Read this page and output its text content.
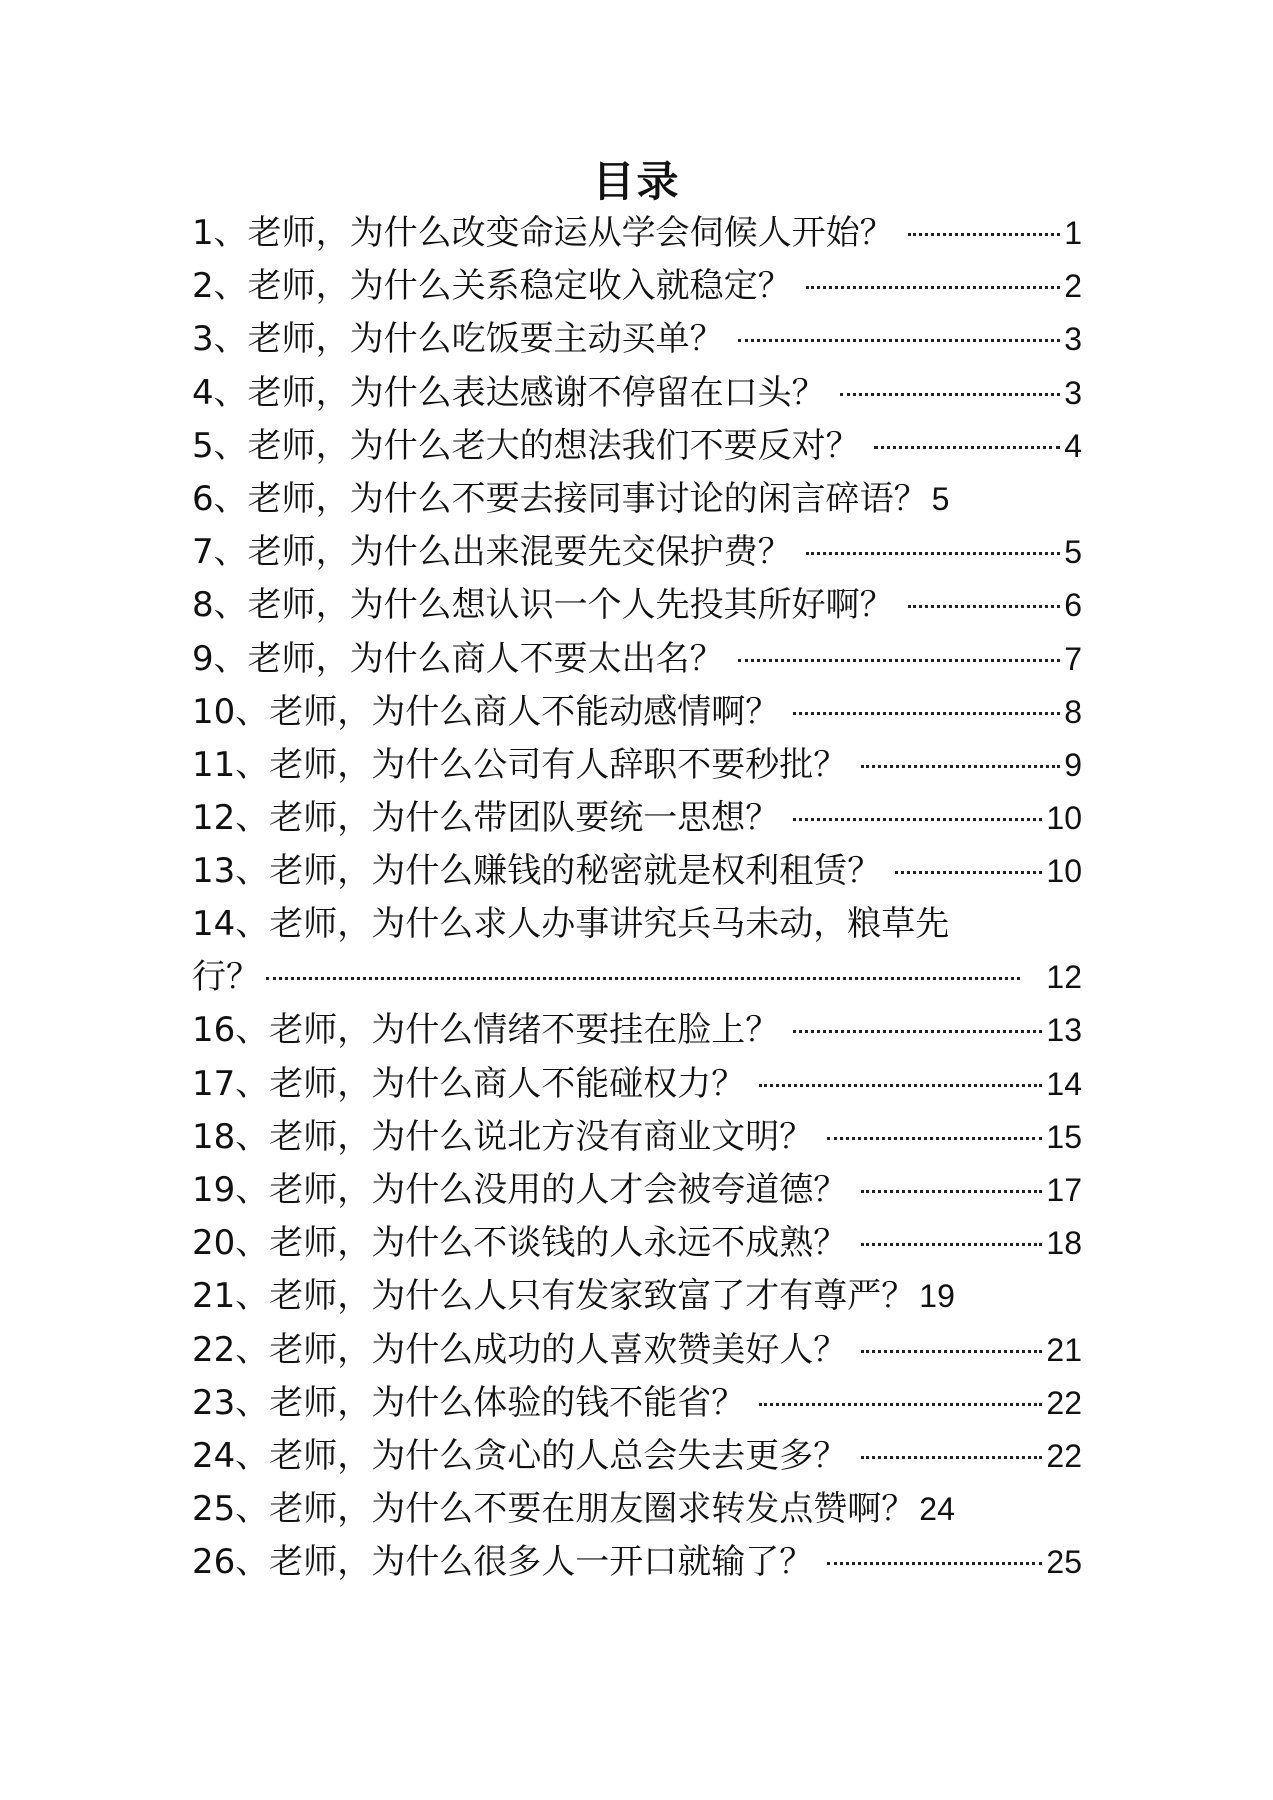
目录
1、老师，为什么改变命运从学会伺候人开始？	1
2、老师，为什么关系稳定收入就稳定？	2
3、老师，为什么吃饭要主动买单？	3
4、老师，为什么表达感谢不停留在口头？	3
5、老师，为什么老大的想法我们不要反对？	4
6、老师，为什么不要去接同事讨论的闲言碎语？ 5
7、老师，为什么出来混要先交保护费？	5
8、老师，为什么想认识一个人先投其所好啊？	6
9、老师，为什么商人不要太出名？	7
10、老师，为什么商人不能动感情啊？	8
11、老师，为什么公司有人辞职不要秒批？	9
12、老师，为什么带团队要统一思想？	10
13、老师，为什么赚钱的秘密就是权利租赁？	10
14、老师，为什么求人办事讲究兵马未动，粮草先
行？	12
16、老师，为什么情绪不要挂在脸上？	13
17、老师，为什么商人不能碰权力？	14
18、老师，为什么说北方没有商业文明？	15
19、老师，为什么没用的人才会被夸道德？	17
20、老师，为什么不谈钱的人永远不成熟？	18
21、老师，为什么人只有发家致富了才有尊严？ 19
22、老师，为什么成功的人喜欢赞美好人？	21
23、老师，为什么体验的钱不能省？	22
24、老师，为什么贪心的人总会失去更多？	22
25、老师，为什么不要在朋友圈求转发点赞啊？ 24
26、老师，为什么很多人一开口就输了？	25
